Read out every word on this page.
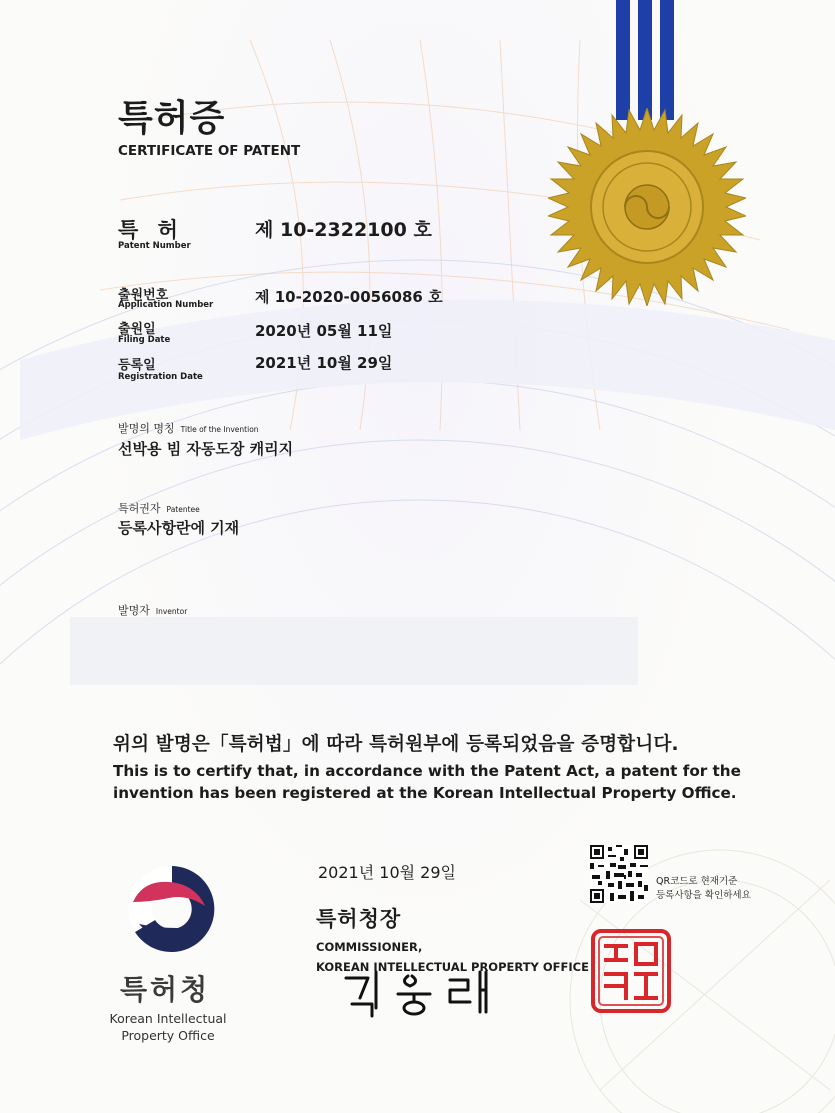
특허증
CERTIFICATE OF PATENT
특 허
Patent Number
제 10-2322100 호
출원번호
Application Number	제 10-2020-0056086 호
출원일
Filing Date	2020년 05월 11일
등록일
Registration Date
2021년 10월 29일
발명의 명칭 Title of the Invention
선박용 빔 자동도장 캐리지
특허권자 Patentee
등록사항란에 기재
발명자 Inventor
위의 발명은「특허법」에 따라 특허원부에 등록되었음을 증명합니다.
This is to certify that, in accordance with the Patent Act, a patent for the
invention has been registered at the Korean Intellectual Property Office.
특허청
Korean Intellectual
Property Office
2021년 10월 29일
특허청장
COMMISSIONER,
KOREAN INTELLECTUAL PROPERTY OFFICE
QR코드로 현재기준
등록사항을 확인하세요
